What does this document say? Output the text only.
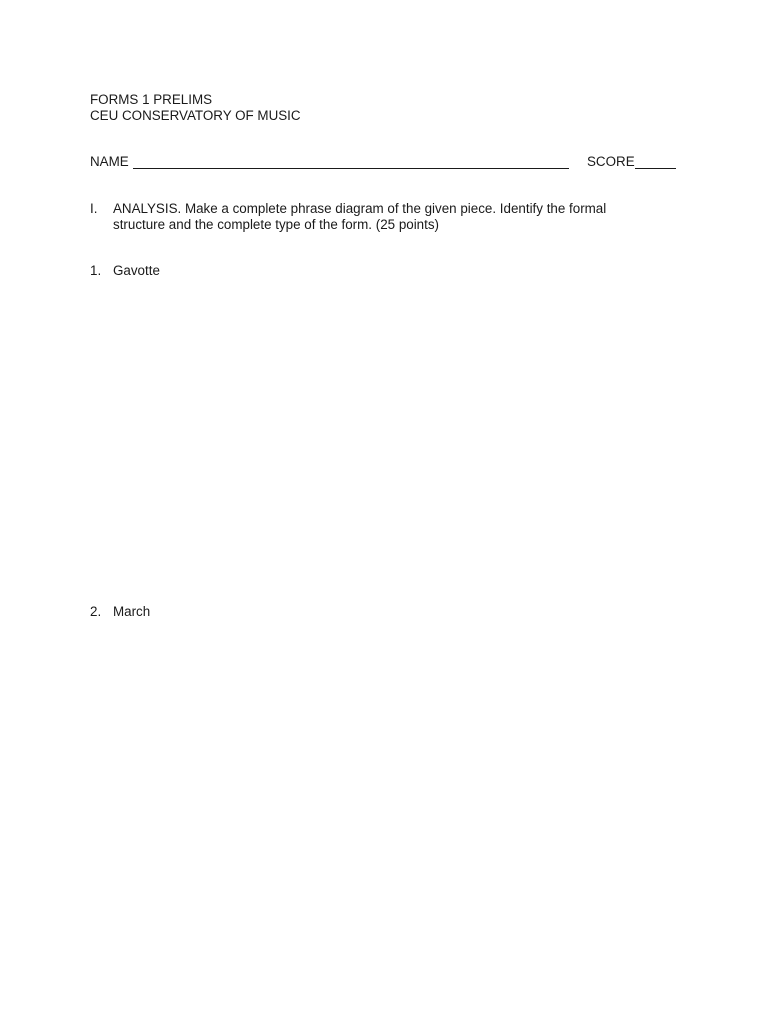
FORMS 1 PRELIMS
CEU CONSERVATORY OF MUSIC
NAME	SCORE
I. ANALYSIS. Make a complete phrase diagram of the given piece. Identify the formal
structure and the complete type of the form. (25 points)
1. Gavotte
2. March
